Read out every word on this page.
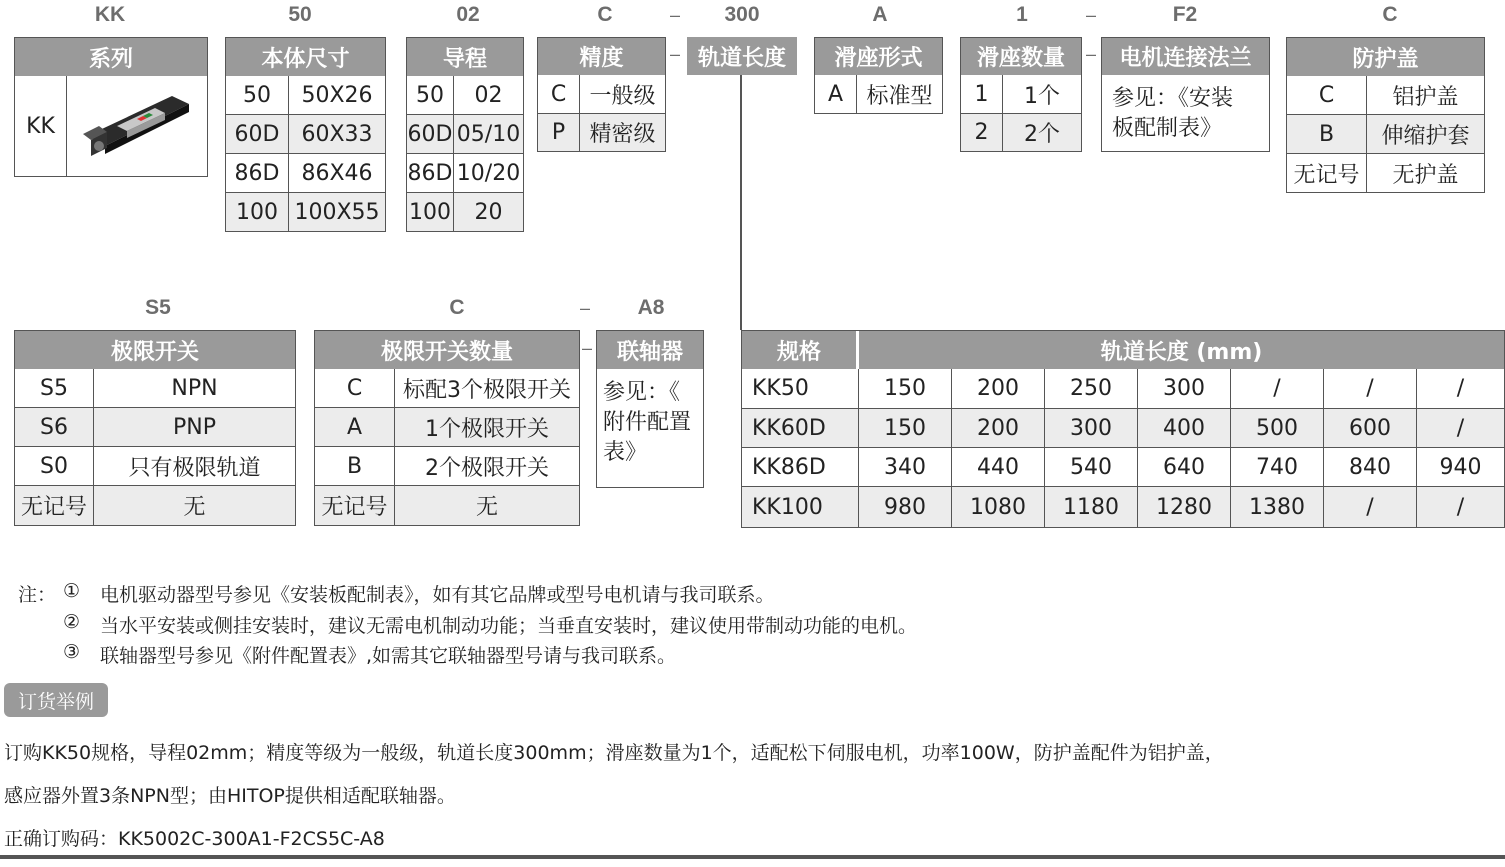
KK	50	02	C	–	300	A	1	–	F2	C
系列
KK
本体尺寸
50	50X26
60D	60X33
86D	86X46
100 100X55
导程
50	02
60D 05/10
86D 10/20
100	20
精度
C	一般级
P	精密级
– 轨道长度	滑座形式
A	标准型
滑座数量
1	1个
2	2个
–	电机连接法兰
参见：《安装
板配制表》
防护盖
C	铝护盖
B	伸缩护套
无记号	无护盖
S5	C	–	A8
极限开关
S5	NPN
S6	PNP
S0	只有极限轨道
无记号	无
极限开关数量
C	标配3个极限开关
A	1个极限开关
B	2个极限开关
无记号	无
–	联轴器
参见：《
附件配置
表》
规格	轨道长度 (mm)
KK50	150	200	250	300	/	/	/
KK60D	150	200	300	400	500	600	/
KK86D	340	440	540	640	740	840	940
KK100	980	1080	1180	1280	1380	/	/
注： ① 电机驱动器型号参见《安装板配制表》，如有其它品牌或型号电机请与我司联系。
② 当水平安装或侧挂安装时，建议无需电机制动功能；当垂直安装时，建议使用带制动功能的电机。
③ 联轴器型号参见《附件配置表》,如需其它联轴器型号请与我司联系。
订货举例
订购KK50规格，导程02mm；精度等级为一般级，轨道长度300mm；滑座数量为1个，适配松下伺服电机，功率100W，防护盖配件为铝护盖，
感应器外置3条NPN型；由HITOP提供相适配联轴器。
正确订购码：KK5002C-300A1-F2CS5C-A8
